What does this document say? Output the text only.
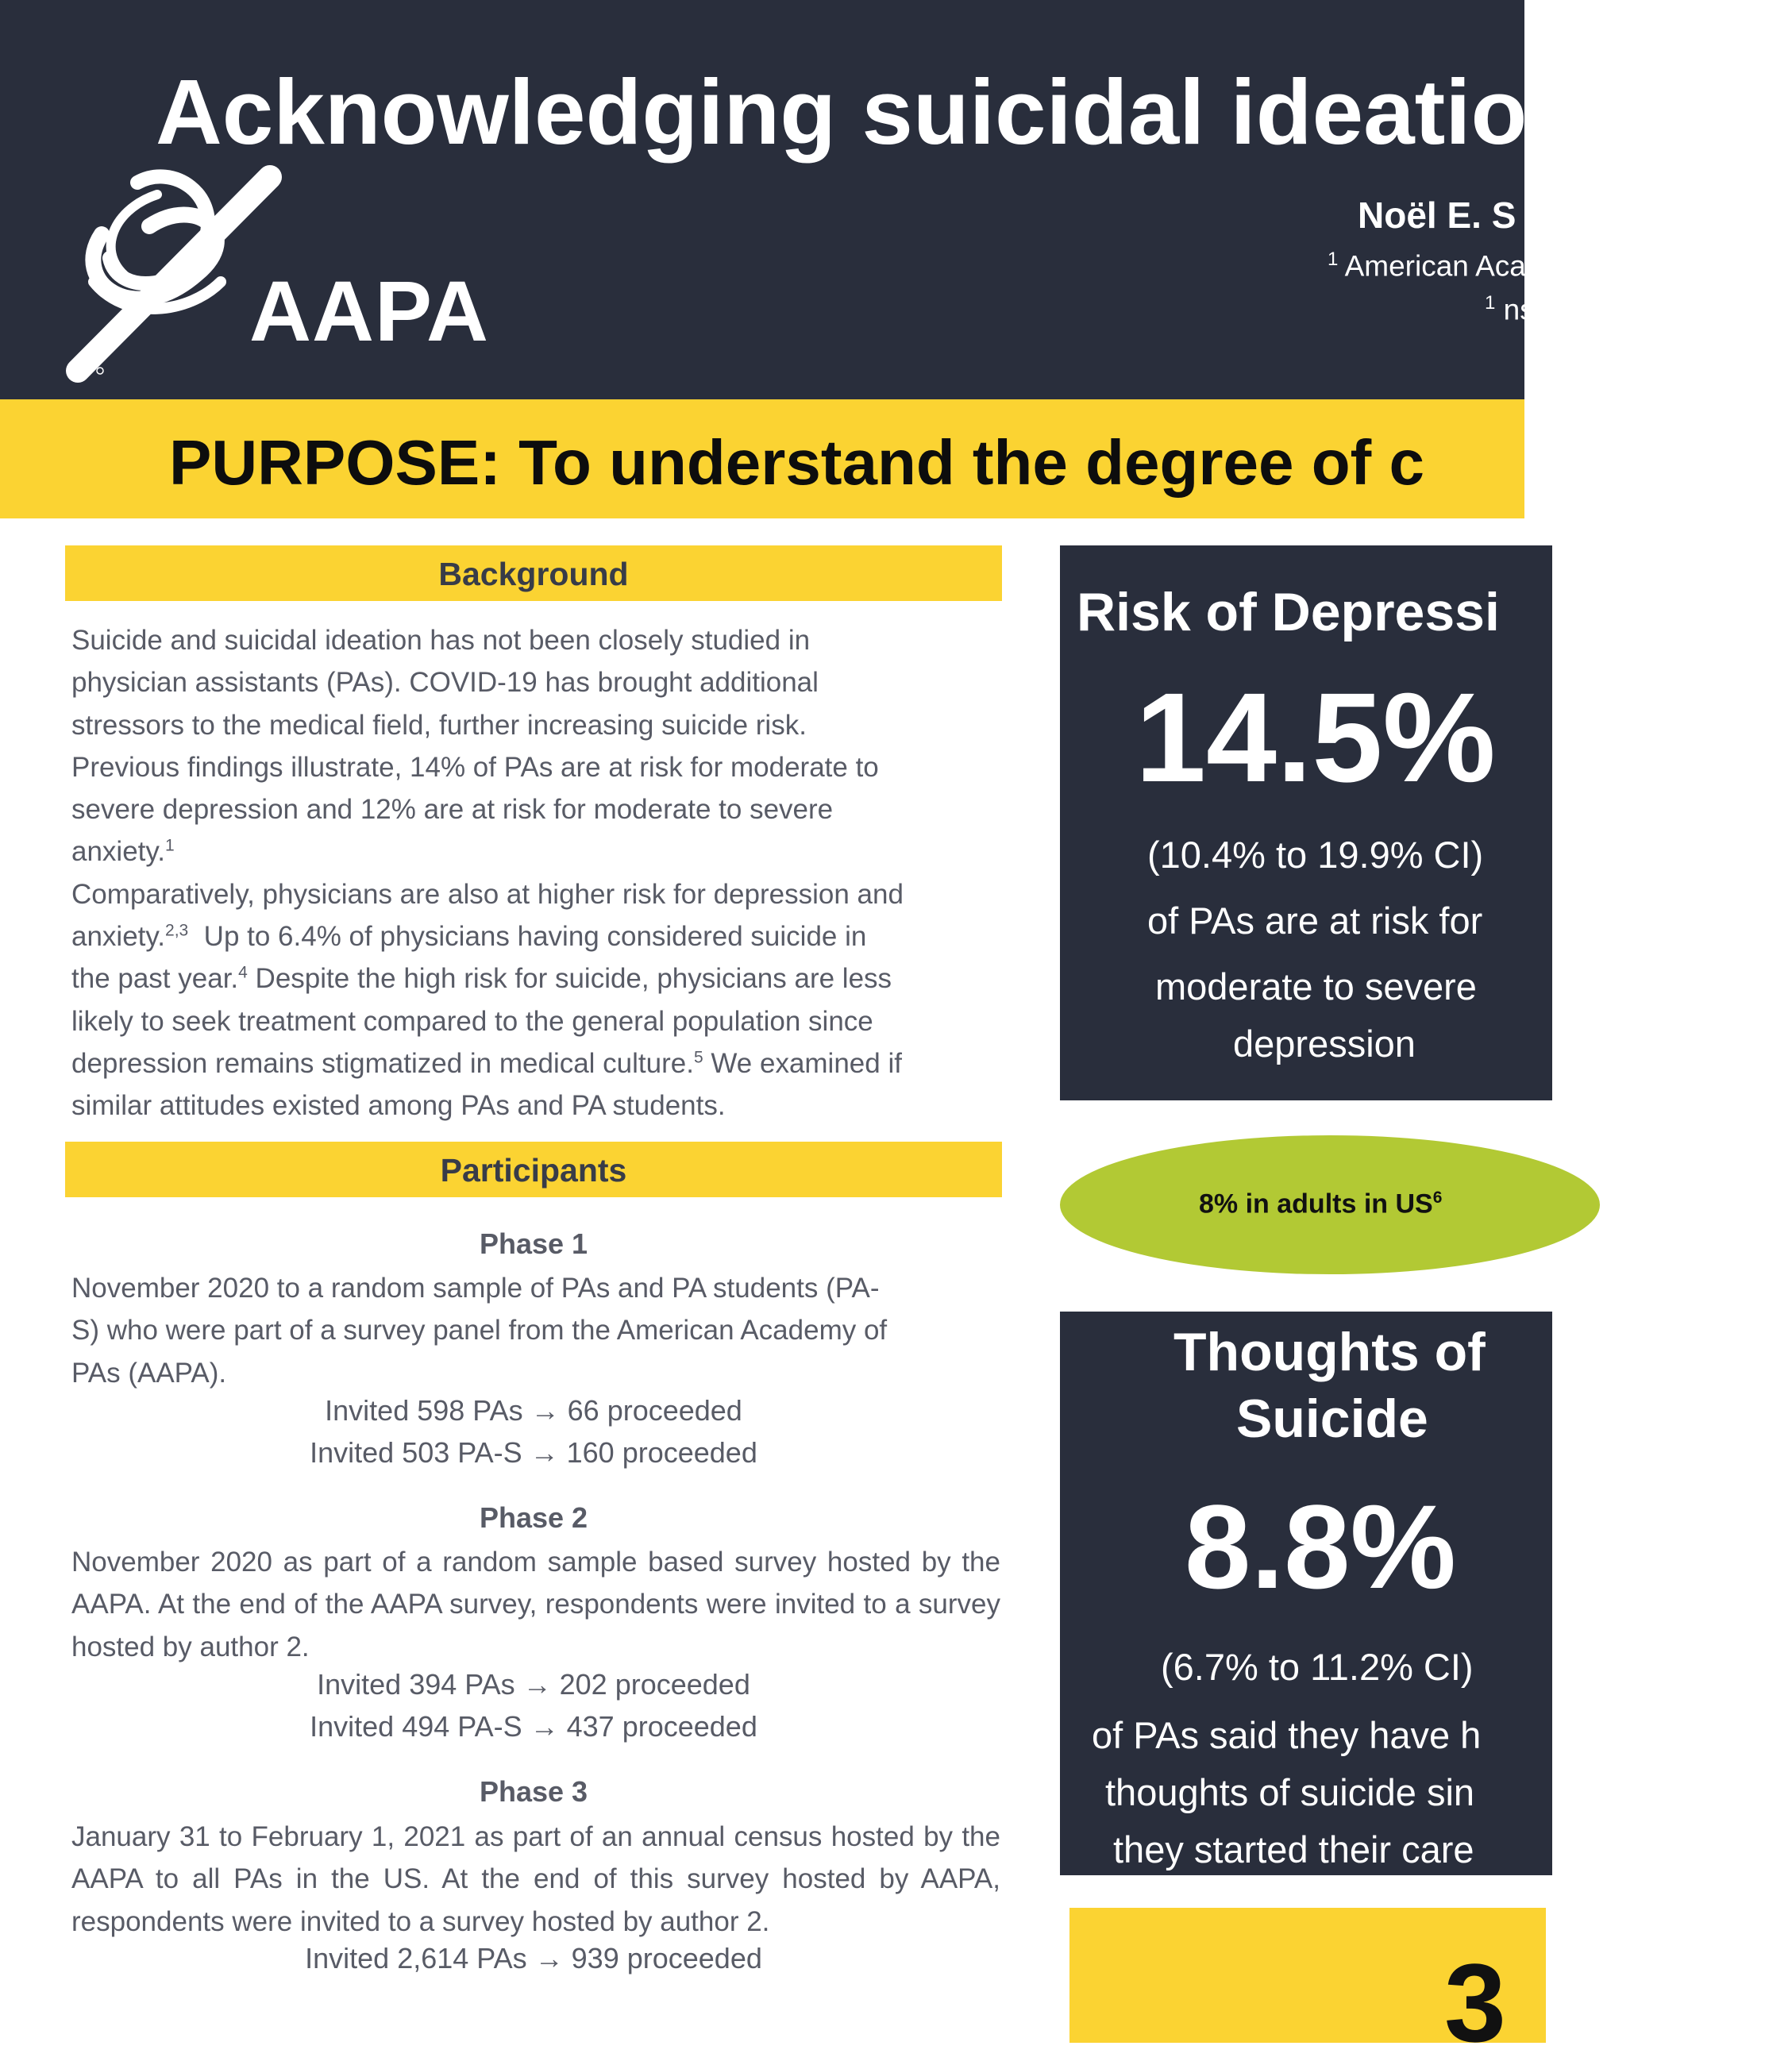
Acknowledging suicidal ideatio
AAPA
Noël E. S
$^1$ American Aca
$^1$ ns
PURPOSE: To understand the degree of c
Background
Suicide and suicidal ideation has not been closely studied in
physician assistants (PAs). COVID-19 has brought additional
stressors to the medical field, further increasing suicide risk.
Previous findings illustrate, 14% of PAs are at risk for moderate to
severe depression and 12% are at risk for moderate to severe
anxiety.$^1$
Comparatively, physicians are also at higher risk for depression and
anxiety.$^{2,3}$  Up to 6.4% of physicians having considered suicide in
the past year.$^4$ Despite the high risk for suicide, physicians are less
likely to seek treatment compared to the general population since
depression remains stigmatized in medical culture.$^5$ We examined if
similar attitudes existed among PAs and PA students.
Participants
Phase 1
November 2020 to a random sample of PAs and PA students (PA-
S) who were part of a survey panel from the American Academy of
PAs (AAPA).
Invited 598 PAs → 66 proceeded
Invited 503 PA-S → 160 proceeded
Phase 2
November 2020 as part of a random sample based survey hosted by the AAPA. At the end of the AAPA survey, respondents were invited to a survey hosted by author 2.
Invited 394 PAs → 202 proceeded
Invited 494 PA-S → 437 proceeded
Phase 3
January 31 to February 1, 2021 as part of an annual census hosted by the AAPA to all PAs in the US. At the end of this survey hosted by AAPA, respondents were invited to a survey hosted by author 2.
Invited 2,614 PAs → 939 proceeded
Risk of Depressi
14.5%
(10.4% to 19.9% CI)
of PAs are at risk for
moderate to severe
depression
8% in adults in $US^6$
Thoughts of
Suicide
8.8%
(6.7% to 11.2% CI)
of PAs said they have h
thoughts of suicide sin
they started their care
3
